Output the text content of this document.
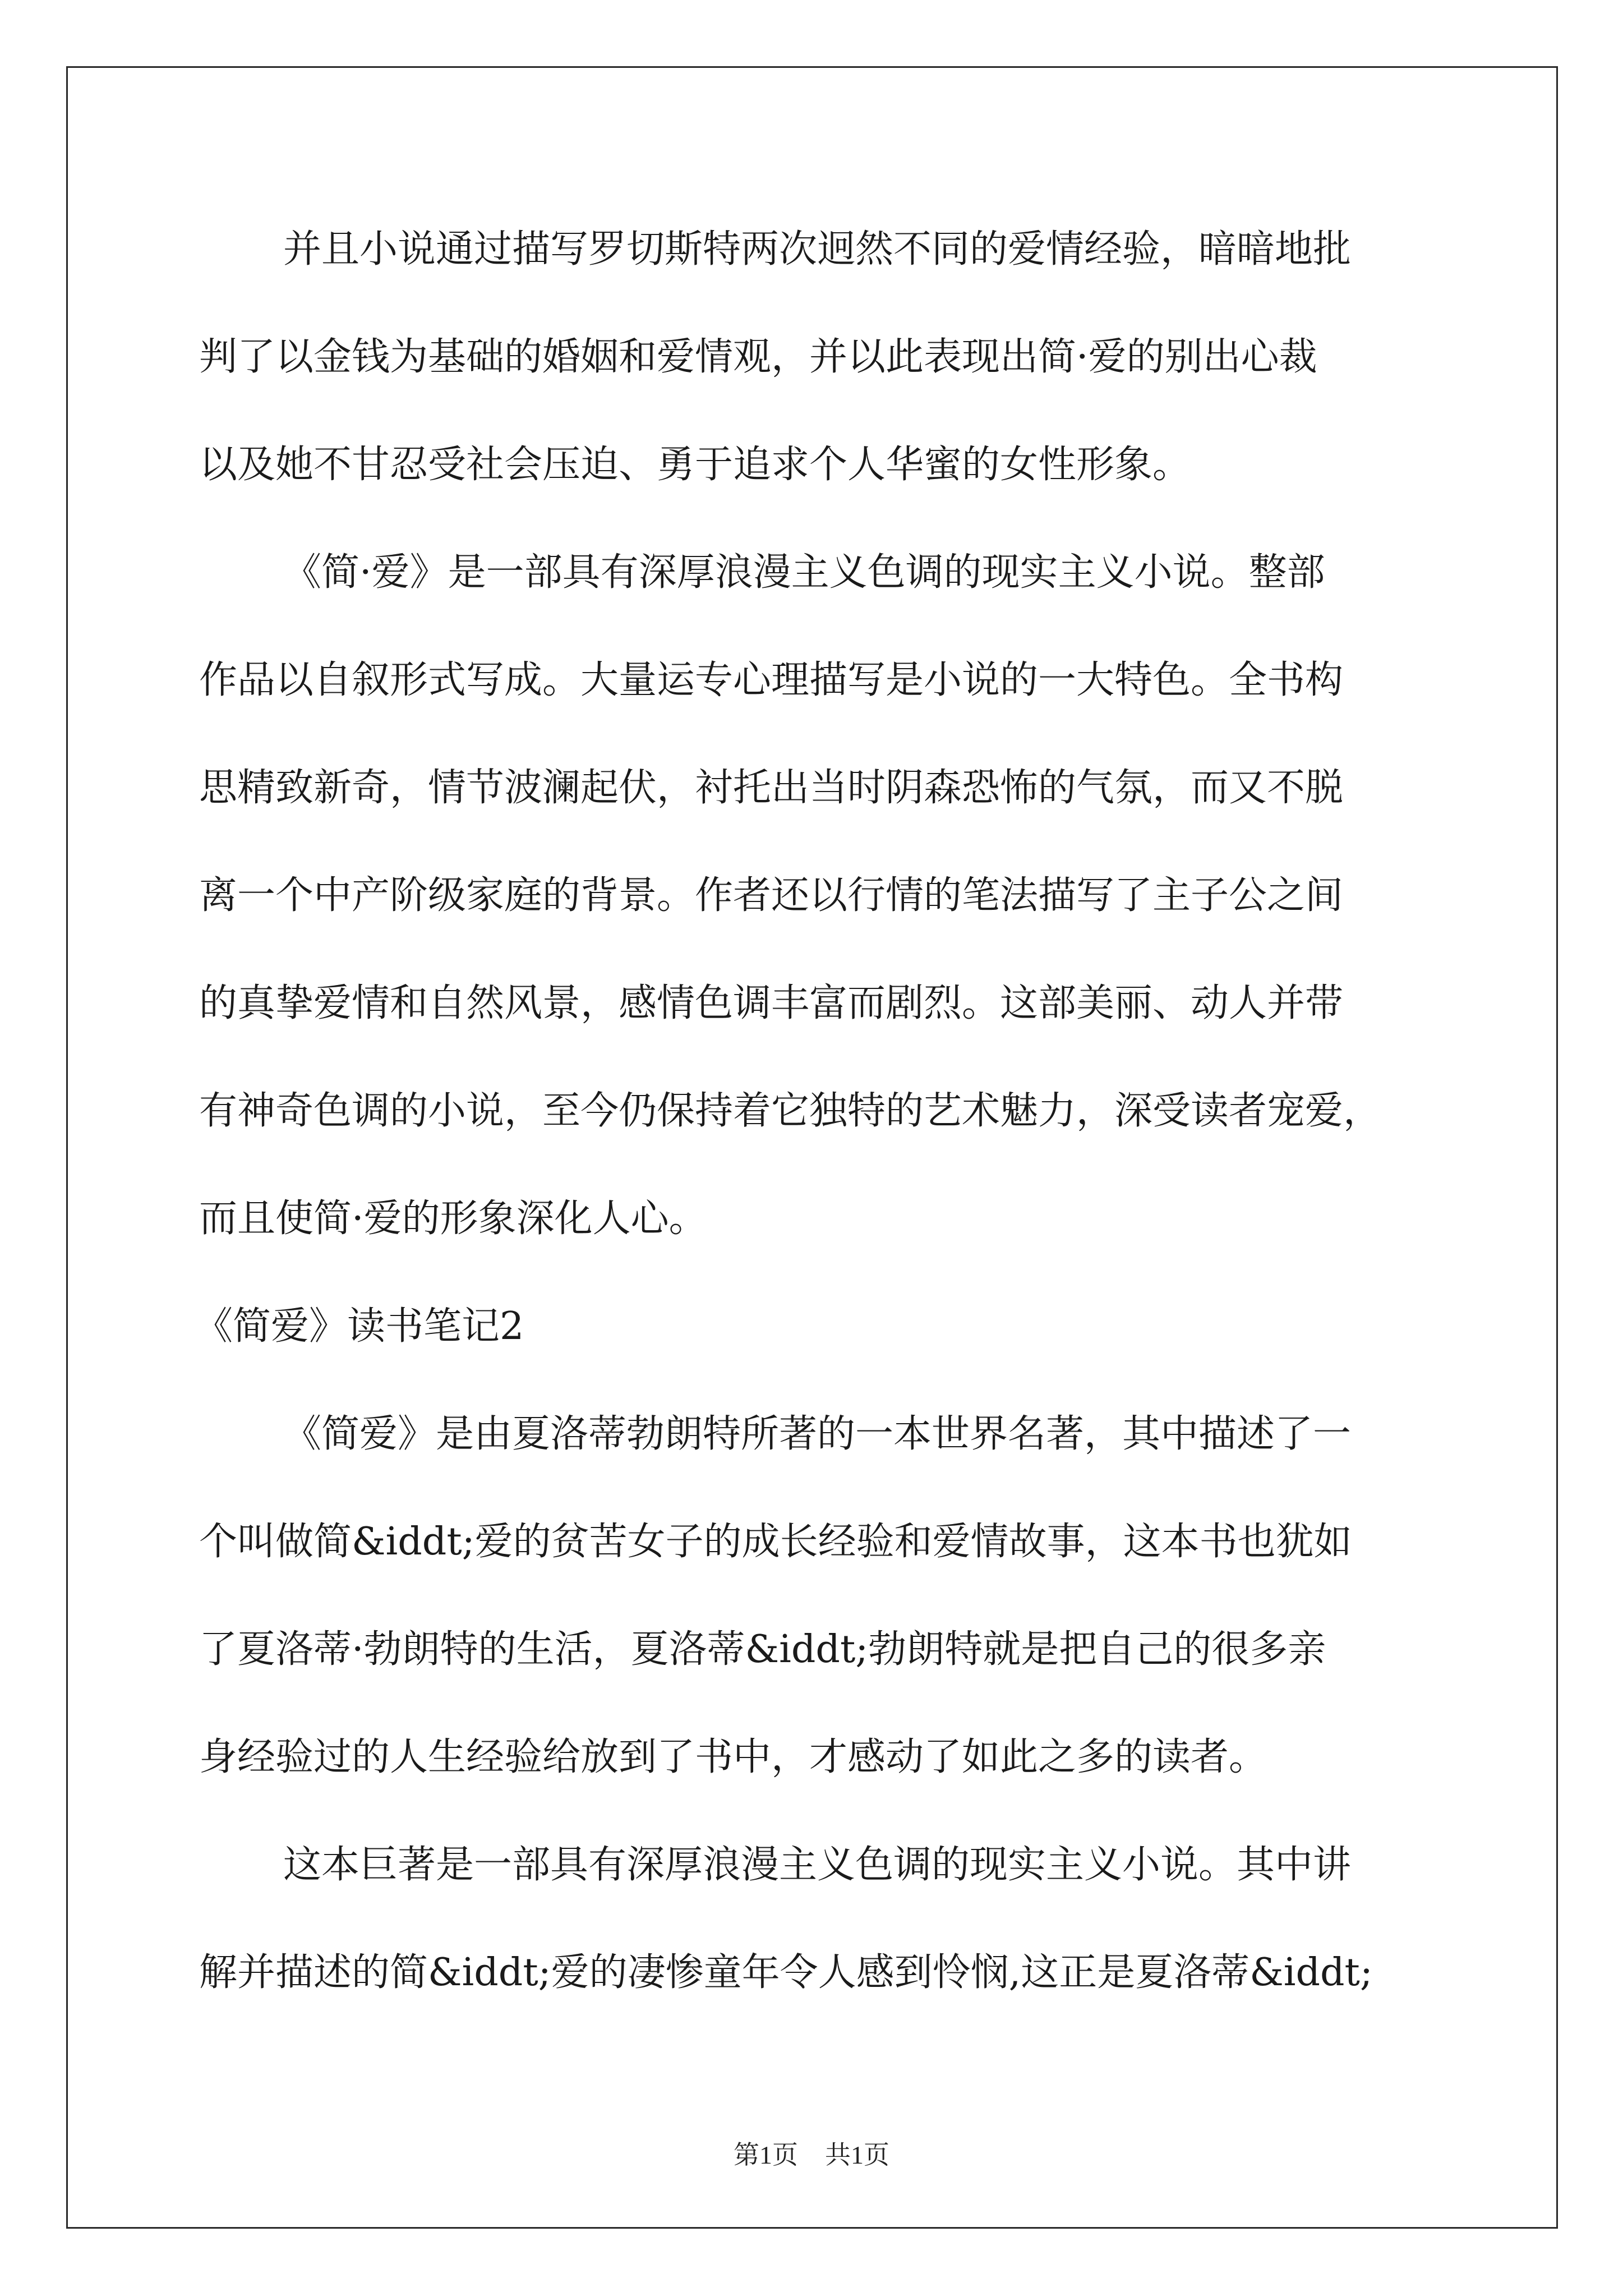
并且小说通过描写罗切斯特两次迥然不同的爱情经验，暗暗地批
判了以金钱为基础的婚姻和爱情观，并以此表现出简·爱的别出心裁
以及她不甘忍受社会压迫、勇于追求个人华蜜的女性形象。
《简·爱》是一部具有深厚浪漫主义色调的现实主义小说。整部
作品以自叙形式写成。大量运专心理描写是小说的一大特色。全书构
思精致新奇，情节波澜起伏，衬托出当时阴森恐怖的气氛，而又不脱
离一个中产阶级家庭的背景。作者还以行情的笔法描写了主子公之间
的真挚爱情和自然风景，感情色调丰富而剧烈。这部美丽、动人并带
有神奇色调的小说，至今仍保持着它独特的艺术魅力，深受读者宠爱，
而且使简·爱的形象深化人心。
《简爱》读书笔记2
《简爱》是由夏洛蒂勃朗特所著的一本世界名著，其中描述了一
个叫做简&iddt;爱的贫苦女子的成长经验和爱情故事，这本书也犹如
了夏洛蒂·勃朗特的生活，夏洛蒂&iddt;勃朗特就是把自己的很多亲
身经验过的人生经验给放到了书中，才感动了如此之多的读者。
这本巨著是一部具有深厚浪漫主义色调的现实主义小说。其中讲
解并描述的简&iddt;爱的凄惨童年令人感到怜悯,这正是夏洛蒂&iddt;
第1页 共1页
